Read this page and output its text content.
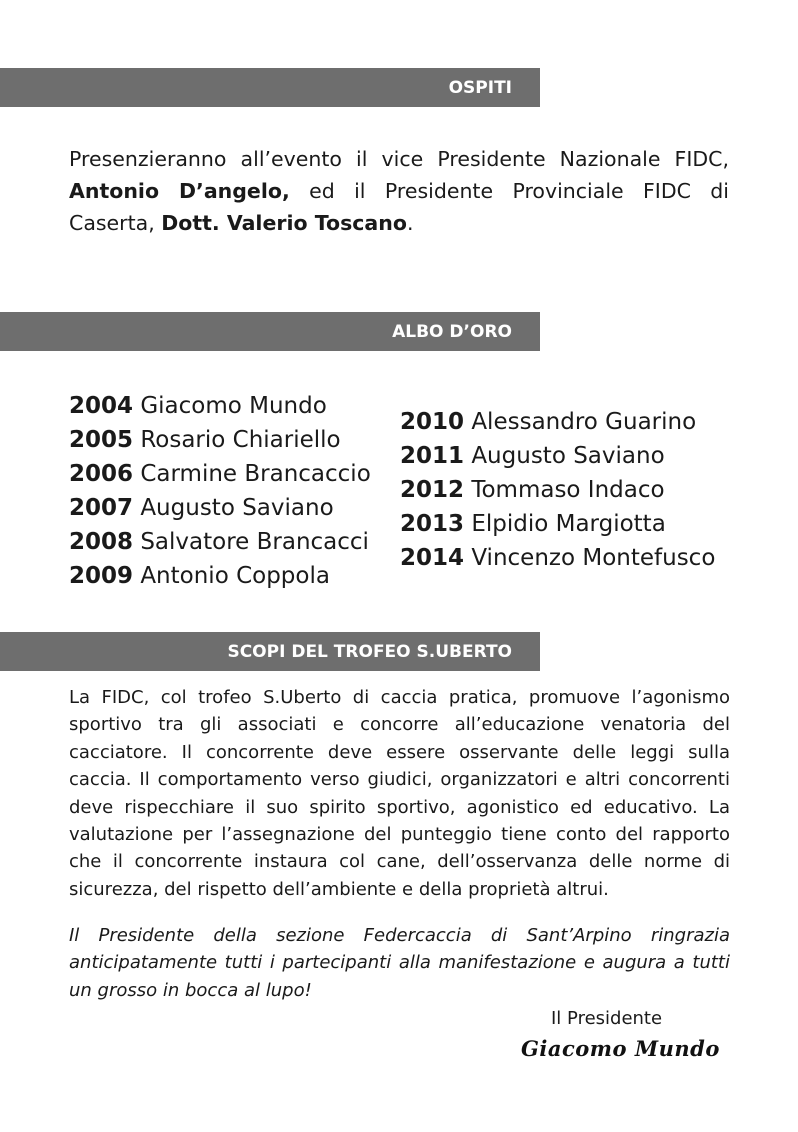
OSPITI
Presenzieranno all’evento il vice Presidente Nazionale FIDC, Antonio D’angelo, ed il Presidente Provinciale FIDC di Caserta, Dott. Valerio Toscano.
ALBO D’ORO
2004 Giacomo Mundo
2005 Rosario Chiariello
2006 Carmine Brancaccio
2007 Augusto Saviano
2008 Salvatore Brancacci
2009 Antonio Coppola
2010 Alessandro Guarino
2011 Augusto Saviano
2012 Tommaso Indaco
2013 Elpidio Margiotta
2014 Vincenzo Montefusco
SCOPI DEL TROFEO S.UBERTO
La FIDC, col trofeo S.Uberto di caccia pratica, promuove l’agonismo sportivo tra gli associati e concorre all’educazione venatoria del cacciatore. Il concorrente deve essere osservante delle leggi sulla caccia. Il comportamento verso giudici, organizzatori e altri concorrenti deve rispecchiare il suo spirito sportivo, agonistico ed educativo. La valutazione per l’assegnazione del punteggio tiene conto del rapporto che il concorrente instaura col cane, dell’osservanza delle norme di sicurezza, del rispetto dell’ambiente e della proprietà altrui.
Il Presidente della sezione Federcaccia di Sant’Arpino ringrazia anticipatamente tutti i partecipanti alla manifestazione e augura a tutti un grosso in bocca al lupo!
Il Presidente
Giacomo Mundo
